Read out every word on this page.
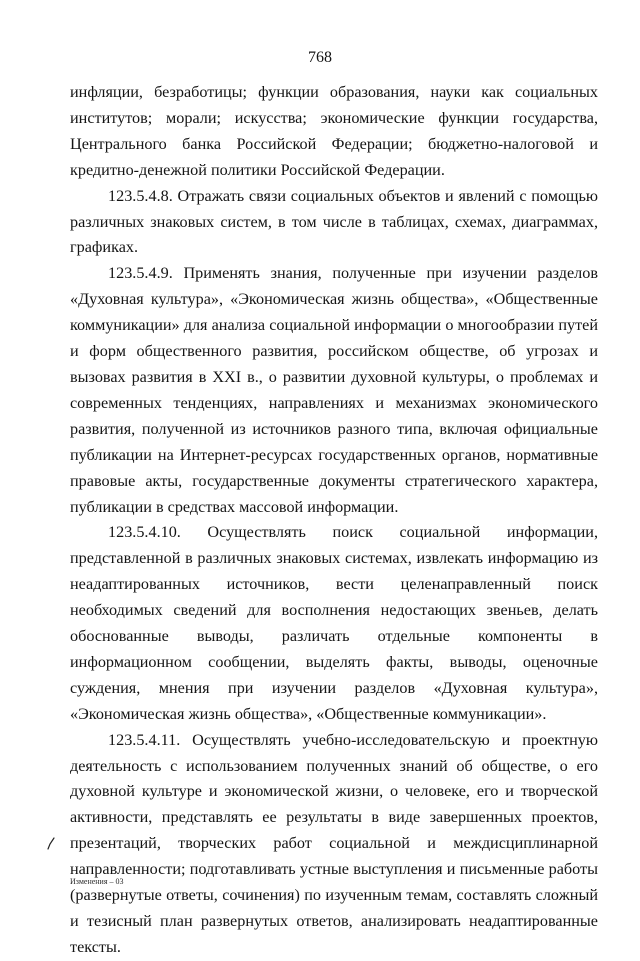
768

инфляции, безработицы; функции образования, науки как социальных институтов; морали; искусства; экономические функции государства, Центрального банка Российской Федерации; бюджетно-налоговой и кредитно-денежной политики Российской Федерации.

123.5.4.8. Отражать связи социальных объектов и явлений с помощью различных знаковых систем, в том числе в таблицах, схемах, диаграммах, графиках.

123.5.4.9. Применять знания, полученные при изучении разделов «Духовная культура», «Экономическая жизнь общества», «Общественные коммуникации» для анализа социальной информации о многообразии путей и форм общественного развития, российском обществе, об угрозах и вызовах развития в XXI в., о развитии духовной культуры, о проблемах и современных тенденциях, направлениях и механизмах экономического развития, полученной из источников разного типа, включая официальные публикации на Интернет-ресурсах государственных органов, нормативные правовые акты, государственные документы стратегического характера, публикации в средствах массовой информации.

123.5.4.10. Осуществлять поиск социальной информации, представленной в различных знаковых системах, извлекать информацию из неадаптированных источников, вести целенаправленный поиск необходимых сведений для восполнения недостающих звеньев, делать обоснованные выводы, различать отдельные компоненты в информационном сообщении, выделять факты, выводы, оценочные суждения, мнения при изучении разделов «Духовная культура», «Экономическая жизнь общества», «Общественные коммуникации».

123.5.4.11. Осуществлять учебно-исследовательскую и проектную деятельность с использованием полученных знаний об обществе, о его духовной культуре и экономической жизни, о человеке, его и творческой активности, представлять ее результаты в виде завершенных проектов, презентаций, творческих работ социальной и междисциплинарной направленности; подготавливать устные выступления и письменные работы (развернутые ответы, сочинения) по изученным темам, составлять сложный и тезисный план развернутых ответов, анализировать неадаптированные тексты.

Изменения – 03
